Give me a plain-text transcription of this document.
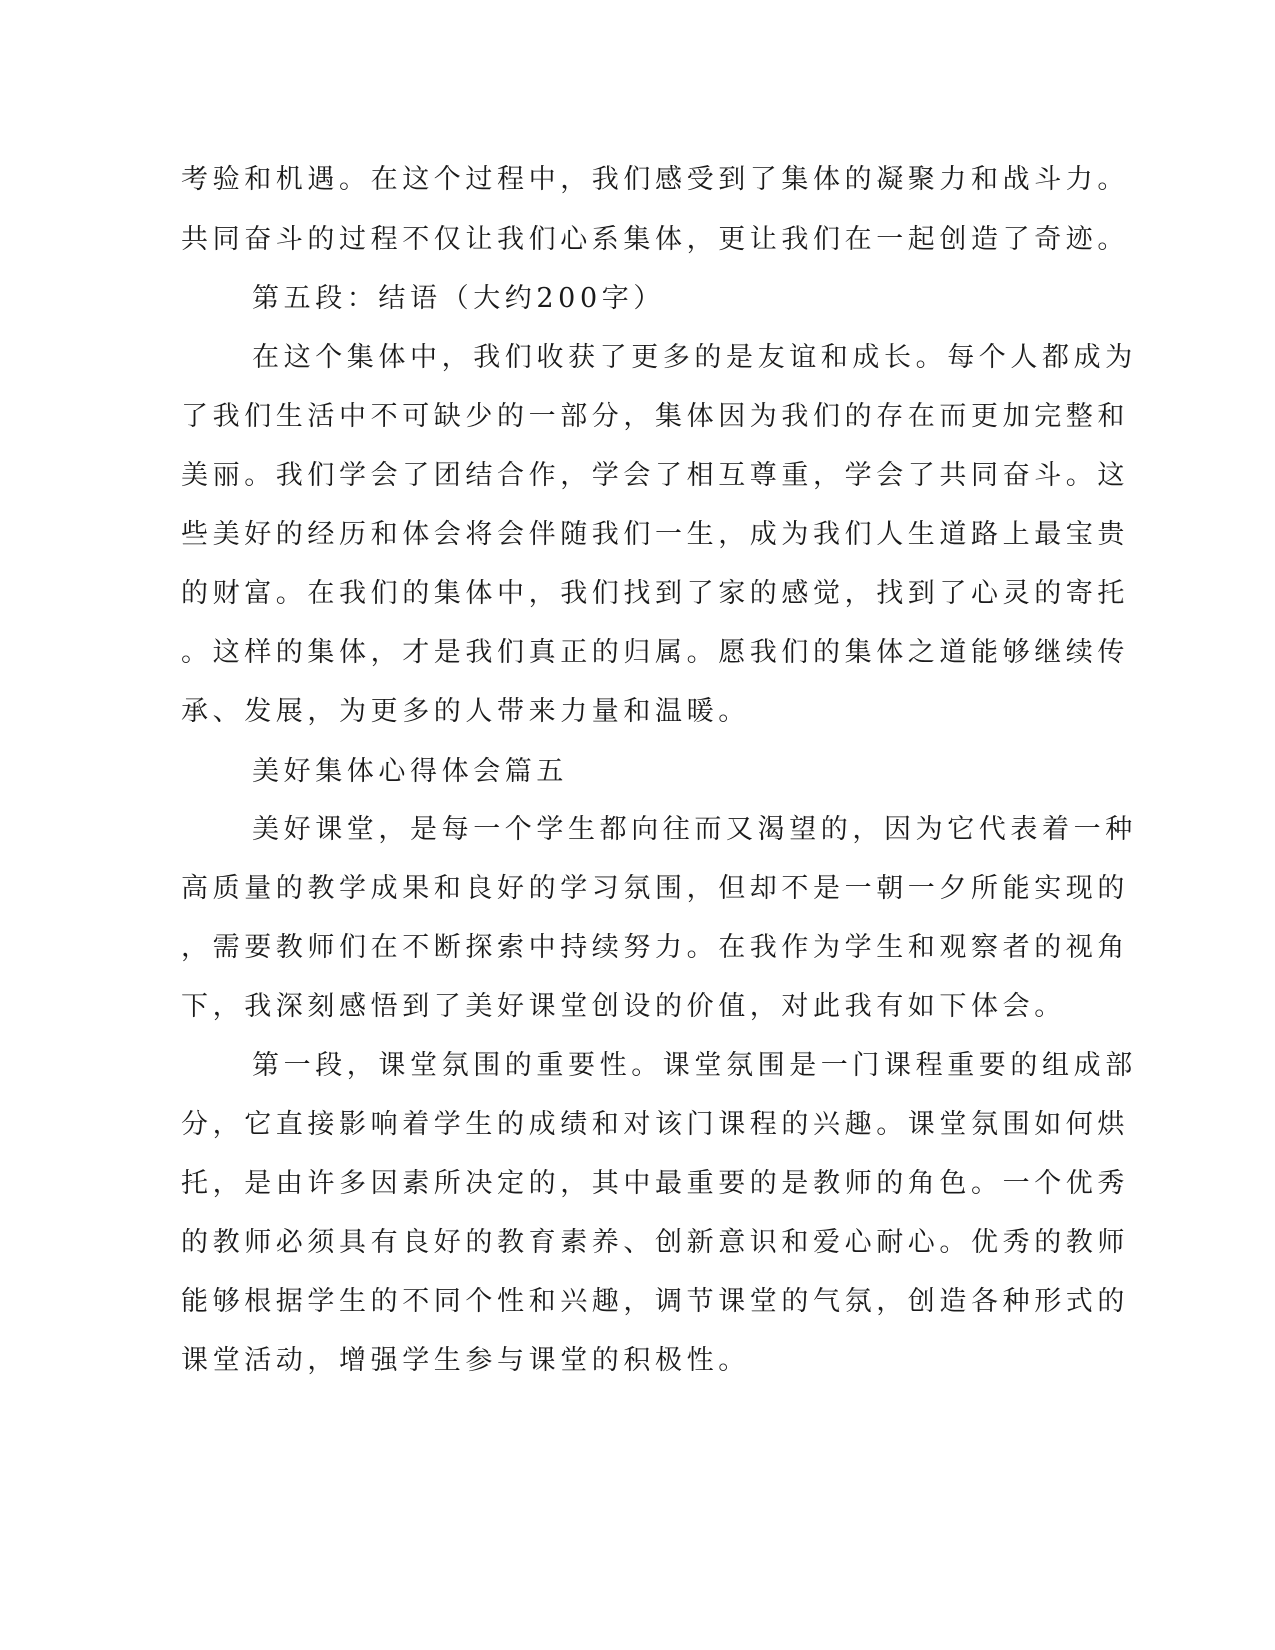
考验和机遇。在这个过程中，我们感受到了集体的凝聚力和战斗力。
共同奋斗的过程不仅让我们心系集体，更让我们在一起创造了奇迹。
第五段：结语（大约200字）
在这个集体中，我们收获了更多的是友谊和成长。每个人都成为
了我们生活中不可缺少的一部分，集体因为我们的存在而更加完整和
美丽。我们学会了团结合作，学会了相互尊重，学会了共同奋斗。这
些美好的经历和体会将会伴随我们一生，成为我们人生道路上最宝贵
的财富。在我们的集体中，我们找到了家的感觉，找到了心灵的寄托
。这样的集体，才是我们真正的归属。愿我们的集体之道能够继续传
承、发展，为更多的人带来力量和温暖。
美好集体心得体会篇五
美好课堂，是每一个学生都向往而又渴望的，因为它代表着一种
高质量的教学成果和良好的学习氛围，但却不是一朝一夕所能实现的
，需要教师们在不断探索中持续努力。在我作为学生和观察者的视角
下，我深刻感悟到了美好课堂创设的价值，对此我有如下体会。
第一段，课堂氛围的重要性。课堂氛围是一门课程重要的组成部
分，它直接影响着学生的成绩和对该门课程的兴趣。课堂氛围如何烘
托，是由许多因素所决定的，其中最重要的是教师的角色。一个优秀
的教师必须具有良好的教育素养、创新意识和爱心耐心。优秀的教师
能够根据学生的不同个性和兴趣，调节课堂的气氛，创造各种形式的
课堂活动，增强学生参与课堂的积极性。
